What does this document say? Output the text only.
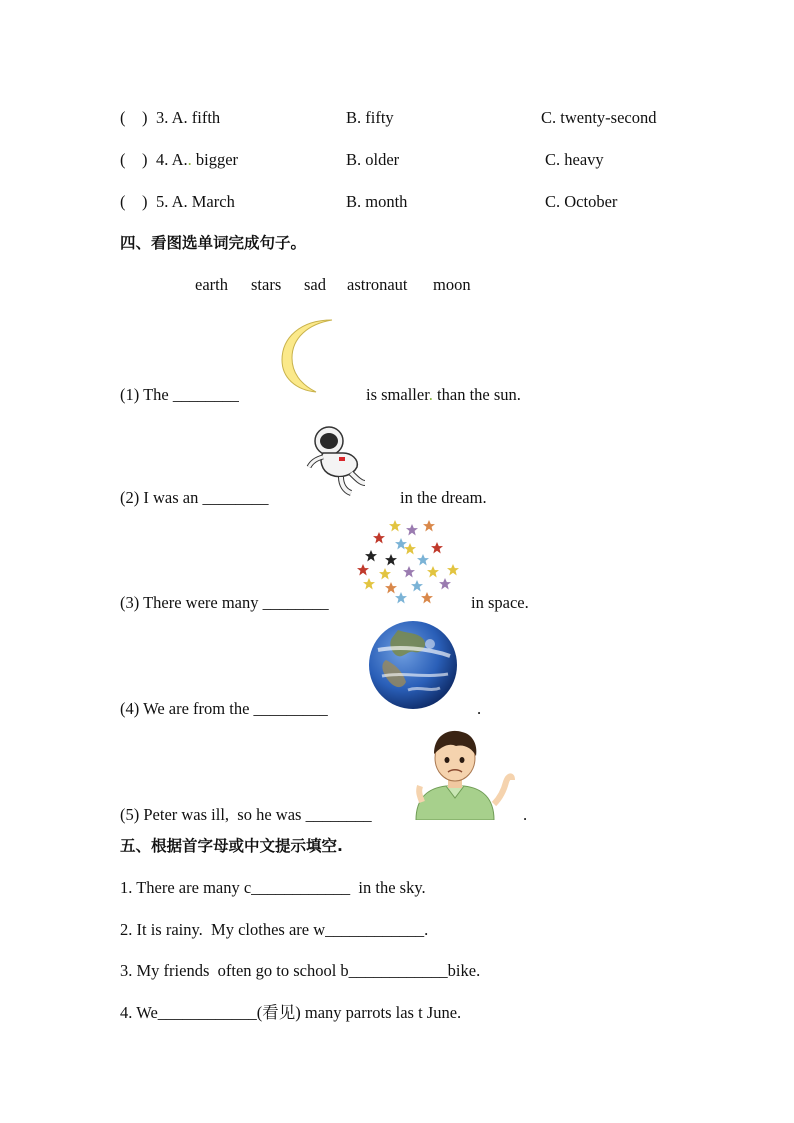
(    ) 3. A. fifth	B. fifty	C. twenty-second
(    ) 4. A.. bigger	B. older	C. heavy
(    ) 5. A. March	B. month	C. October
四、看图选单词完成句子。
earth stars sad astronaut moon
(1) The ________	is smaller. than the sun.
(2) I was an ________	in the dream.
(3) There were many ________	in space.
(4) We are from the _________	.
(5) Peter was ill,  so he was ________	.
五、根据首字母或中文提示填空.
1. There are many c____________  in the sky.
2. It is rainy.  My clothes are w____________.
3. My friends  often go to school b____________bike.
4. We____________(看见) many parrots las t June.
